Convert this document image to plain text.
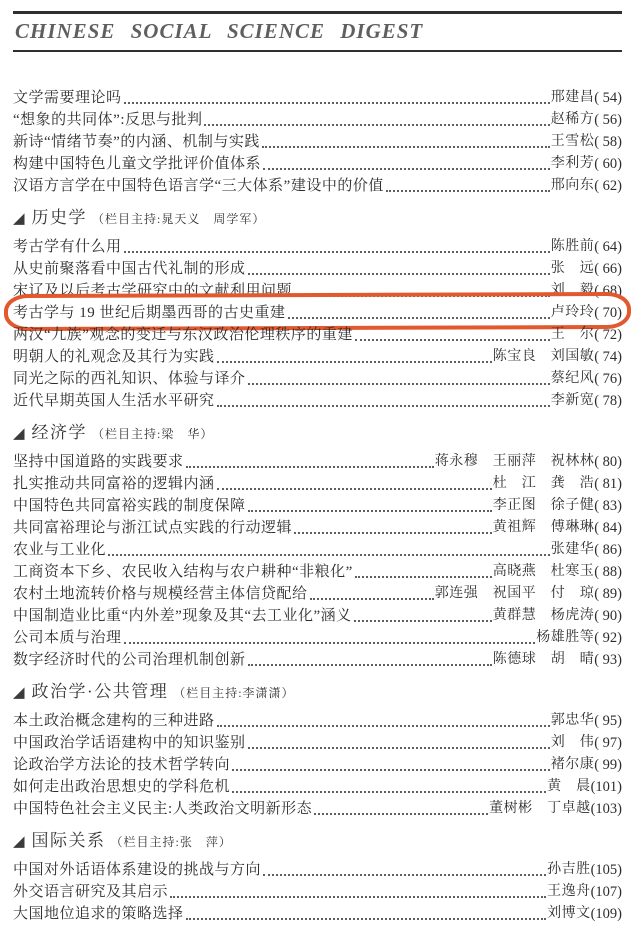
CHINESE SOCIAL SCIENCE DIGEST
文学需要理论吗	邢建昌 ( 54)
“想象的共同体”:反思与批判	赵稀方 ( 56)
新诗“情绪节奏”的内涵、机制与实践	王雪松 ( 58)
构建中国特色儿童文学批评价值体系	李利芳 ( 60)
汉语方言学在中国特色语言学“三大体系”建设中的价值	邢向东 ( 62)
◢ 历史学 （栏目主持:晁天义　周学军）
考古学有什么用	陈胜前 ( 64)
从史前聚落看中国古代礼制的形成	张　远 ( 66)
宋辽及以后考古学研究中的文献利用问题	刘　毅 ( 68)
考古学与 19 世纪后期墨西哥的古史重建	卢玲玲 ( 70)
两汉“九族”观念的变迁与东汉政治伦理秩序的重建	王　尔 ( 72)
明朝人的礼观念及其行为实践	陈宝良　刘国敏 ( 74)
同光之际的西礼知识、体验与译介	蔡纪风 ( 76)
近代早期英国人生活水平研究	李新宽 ( 78)
◢ 经济学 （栏目主持:梁　华）
坚持中国道路的实践要求	蒋永穆　王丽萍　祝林林 ( 80)
扎实推动共同富裕的逻辑内涵	杜　江　龚　浩 ( 81)
中国特色共同富裕实践的制度保障	李正图　徐子健 ( 83)
共同富裕理论与浙江试点实践的行动逻辑	黄祖辉　傅琳琳 ( 84)
农业与工业化	张建华 ( 86)
工商资本下乡、农民收入结构与农户耕种“非粮化”	高晓燕　杜寒玉 ( 88)
农村土地流转价格与规模经营主体信贷配给	郭连强　祝国平　付　琼 ( 89)
中国制造业比重“内外差”现象及其“去工业化”涵义	黄群慧　杨虎涛 ( 90)
公司本质与治理	杨雄胜等 ( 92)
数字经济时代的公司治理机制创新	陈德球　胡　晴 ( 93)
◢ 政治学·公共管理 （栏目主持:李潇潇）
本土政治概念建构的三种进路	郭忠华 ( 95)
中国政治学话语建构中的知识鉴别	刘　伟 ( 97)
论政治学方法论的技术哲学转向	褚尔康 ( 99)
如何走出政治思想史的学科危机	黄　晨 (101)
中国特色社会主义民主:人类政治文明新形态	董树彬　丁卓越 (103)
◢ 国际关系 （栏目主持:张　萍）
中国对外话语体系建设的挑战与方向	孙吉胜 (105)
外交语言研究及其启示	王逸舟 (107)
大国地位追求的策略选择	刘博文 (109)
